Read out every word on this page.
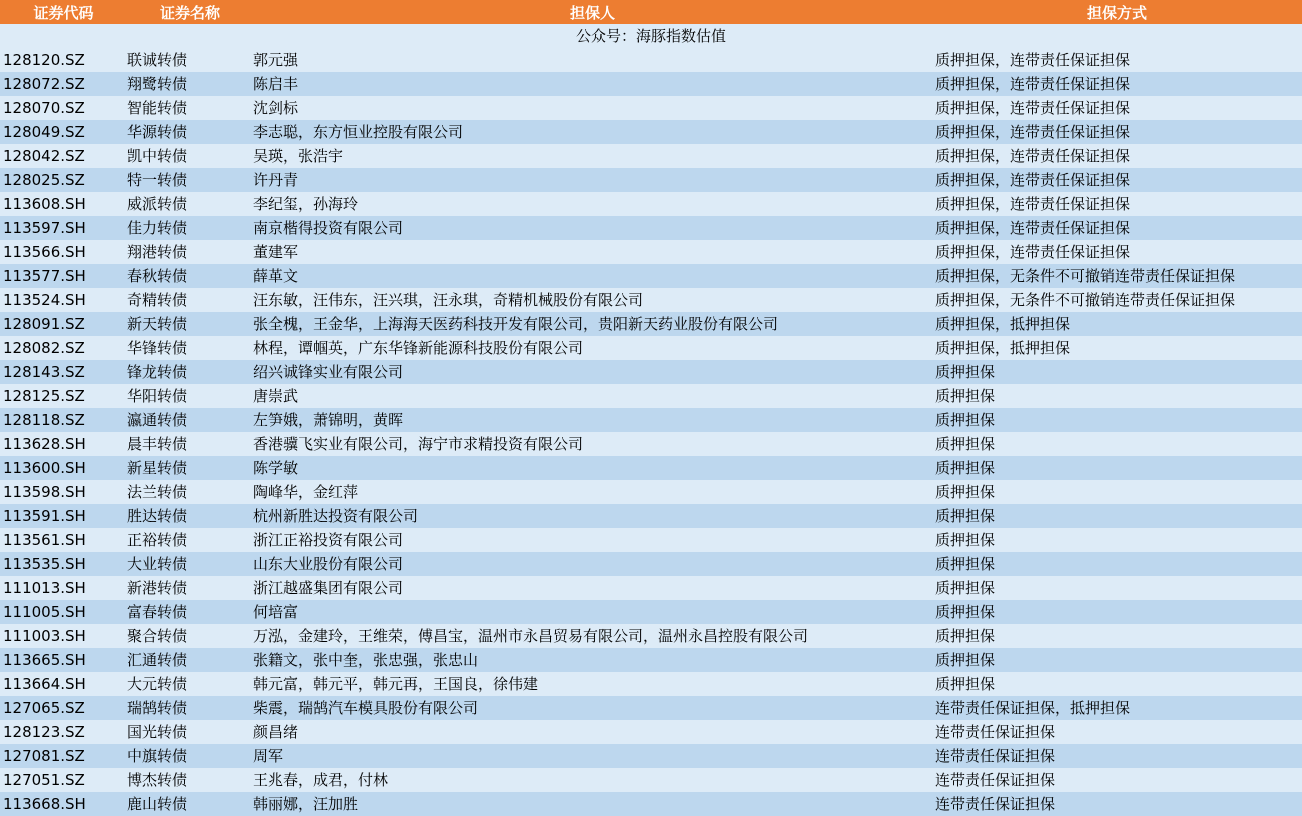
证券代码	证券名称	担保人	担保方式
公众号：海豚指数估值
128120.SZ	联诚转债	郭元强	质押担保，连带责任保证担保
128072.SZ	翔鹭转债	陈启丰	质押担保，连带责任保证担保
128070.SZ	智能转债	沈剑标	质押担保，连带责任保证担保
128049.SZ	华源转债	李志聪，东方恒业控股有限公司	质押担保，连带责任保证担保
128042.SZ	凯中转债	吴瑛，张浩宇	质押担保，连带责任保证担保
128025.SZ	特一转债	许丹青	质押担保，连带责任保证担保
113608.SH	威派转债	李纪玺，孙海玲	质押担保，连带责任保证担保
113597.SH	佳力转债	南京楷得投资有限公司	质押担保，连带责任保证担保
113566.SH	翔港转债	董建军	质押担保，连带责任保证担保
113577.SH	春秋转债	薛革文	质押担保，无条件不可撤销连带责任保证担保
113524.SH	奇精转债	汪东敏，汪伟东，汪兴琪，汪永琪，奇精机械股份有限公司	质押担保，无条件不可撤销连带责任保证担保
128091.SZ	新天转债	张全槐，王金华，上海海天医药科技开发有限公司，贵阳新天药业股份有限公司	质押担保，抵押担保
128082.SZ	华锋转债	林程，谭帼英，广东华锋新能源科技股份有限公司	质押担保，抵押担保
128143.SZ	锋龙转债	绍兴诚锋实业有限公司	质押担保
128125.SZ	华阳转债	唐崇武	质押担保
128118.SZ	瀛通转债	左笋娥，萧锦明，黄晖	质押担保
113628.SH	晨丰转债	香港骥飞实业有限公司，海宁市求精投资有限公司	质押担保
113600.SH	新星转债	陈学敏	质押担保
113598.SH	法兰转债	陶峰华，金红萍	质押担保
113591.SH	胜达转债	杭州新胜达投资有限公司	质押担保
113561.SH	正裕转债	浙江正裕投资有限公司	质押担保
113535.SH	大业转债	山东大业股份有限公司	质押担保
111013.SH	新港转债	浙江越盛集团有限公司	质押担保
111005.SH	富春转债	何培富	质押担保
111003.SH	聚合转债	万泓，金建玲，王维荣，傅昌宝，温州市永昌贸易有限公司，温州永昌控股有限公司	质押担保
113665.SH	汇通转债	张籍文，张中奎，张忠强，张忠山	质押担保
113664.SH	大元转债	韩元富，韩元平，韩元再，王国良，徐伟建	质押担保
127065.SZ	瑞鹄转债	柴震，瑞鹄汽车模具股份有限公司	连带责任保证担保，抵押担保
128123.SZ	国光转债	颜昌绪	连带责任保证担保
127081.SZ	中旗转债	周军	连带责任保证担保
127051.SZ	博杰转债	王兆春，成君，付林	连带责任保证担保
113668.SH	鹿山转债	韩丽娜，汪加胜	连带责任保证担保
